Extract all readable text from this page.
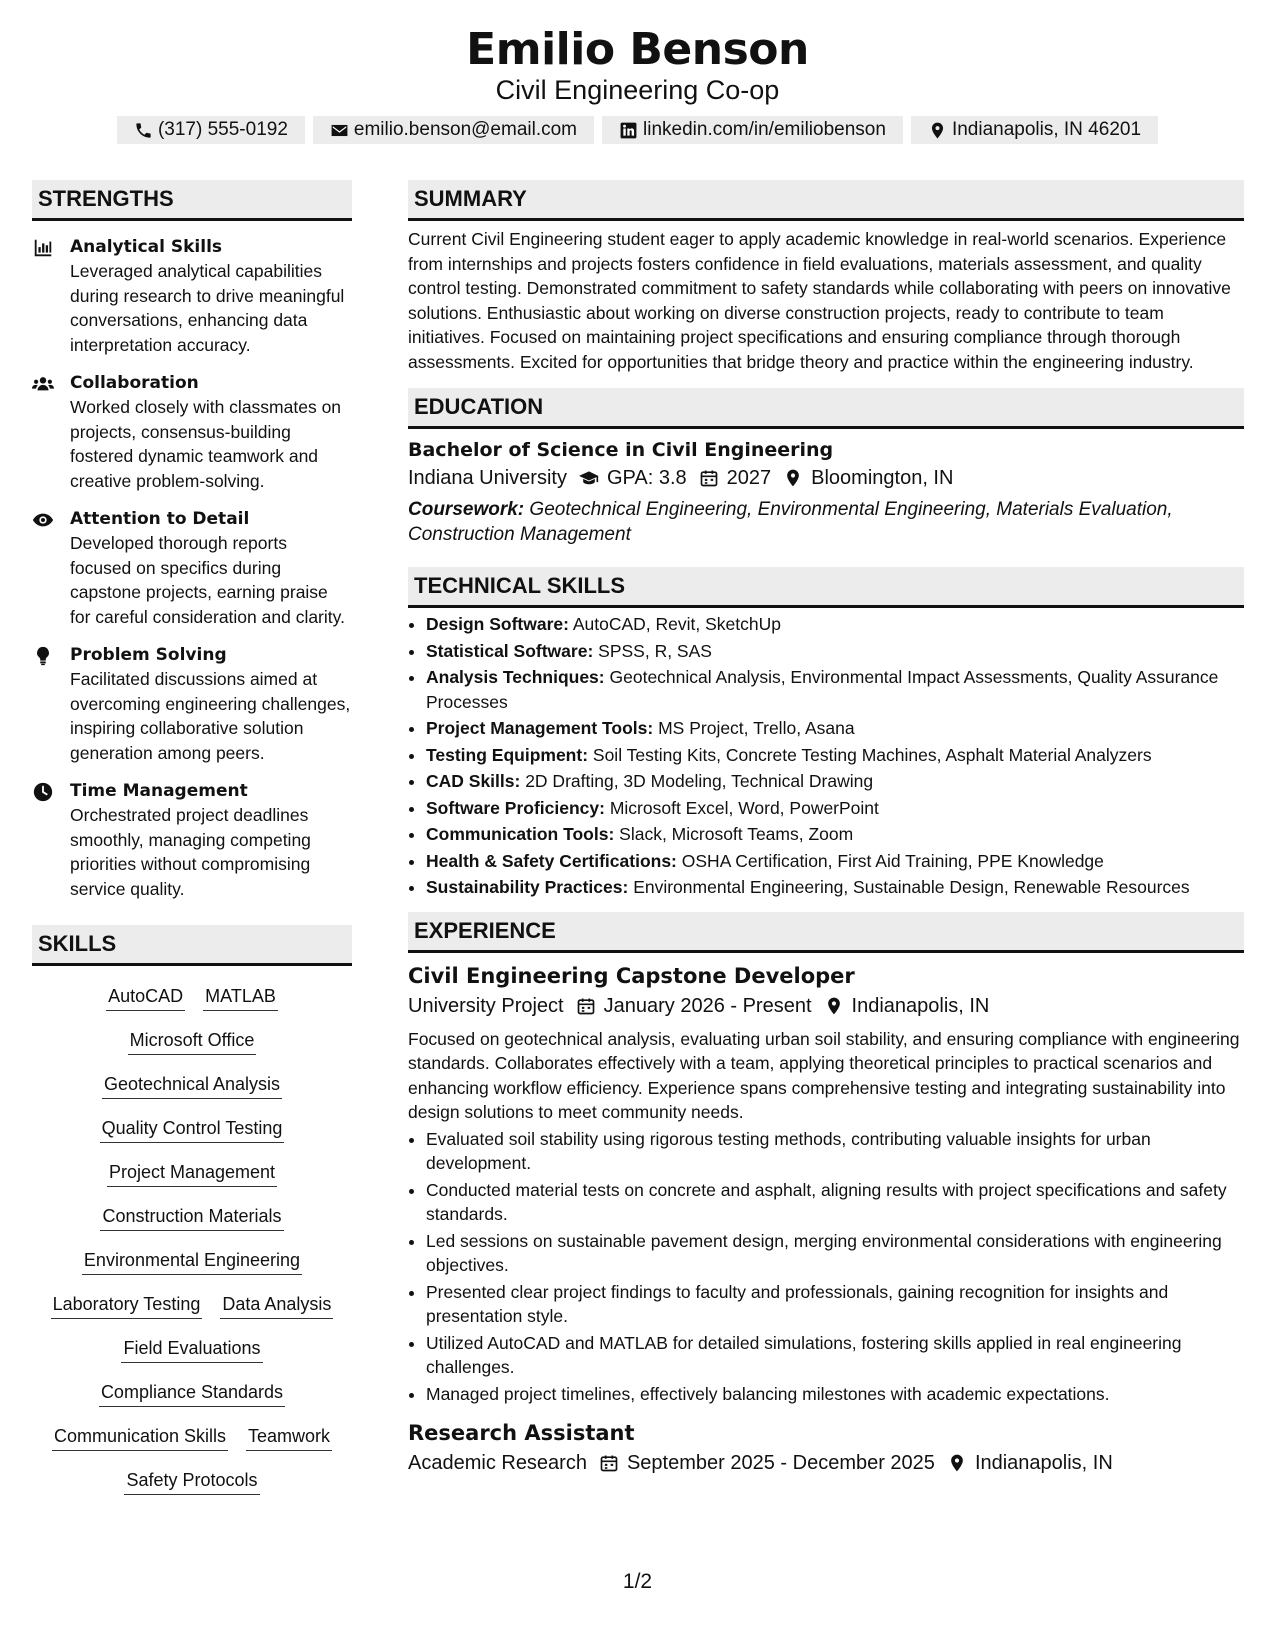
Emilio Benson
Civil Engineering Co-op
(317) 555-0192	emilio.benson@email.com	linkedin.com/in/emiliobenson	Indianapolis, IN 46201
STRENGTHS
Analytical Skills
Leveraged analytical capabilities during research to drive meaningful conversations, enhancing data interpretation accuracy.
Collaboration
Worked closely with classmates on projects, consensus-building fostered dynamic teamwork and creative problem-solving.
Attention to Detail
Developed thorough reports focused on specifics during capstone projects, earning praise for careful consideration and clarity.
Problem Solving
Facilitated discussions aimed at overcoming engineering challenges, inspiring collaborative solution generation among peers.
Time Management
Orchestrated project deadlines smoothly, managing competing priorities without compromising service quality.
SKILLS
AutoCAD MATLAB
Microsoft Office
Geotechnical Analysis
Quality Control Testing
Project Management
Construction Materials
Environmental Engineering
Laboratory Testing Data Analysis
Field Evaluations
Compliance Standards
Communication Skills Teamwork
Safety Protocols
SUMMARY
Current Civil Engineering student eager to apply academic knowledge in real-world scenarios. Experience from internships and projects fosters confidence in field evaluations, materials assessment, and quality control testing. Demonstrated commitment to safety standards while collaborating with peers on innovative solutions. Enthusiastic about working on diverse construction projects, ready to contribute to team initiatives. Focused on maintaining project specifications and ensuring compliance through thorough assessments. Excited for opportunities that bridge theory and practice within the engineering industry.
EDUCATION
Bachelor of Science in Civil Engineering
Indiana University GPA: 3.8 2027 Bloomington, IN
Coursework: Geotechnical Engineering, Environmental Engineering, Materials Evaluation, Construction Management
TECHNICAL SKILLS
• Design Software: AutoCAD, Revit, SketchUp
• Statistical Software: SPSS, R, SAS
• Analysis Techniques: Geotechnical Analysis, Environmental Impact Assessments, Quality Assurance Processes
• Project Management Tools: MS Project, Trello, Asana
• Testing Equipment: Soil Testing Kits, Concrete Testing Machines, Asphalt Material Analyzers
• CAD Skills: 2D Drafting, 3D Modeling, Technical Drawing
• Software Proficiency: Microsoft Excel, Word, PowerPoint
• Communication Tools: Slack, Microsoft Teams, Zoom
• Health & Safety Certifications: OSHA Certification, First Aid Training, PPE Knowledge
• Sustainability Practices: Environmental Engineering, Sustainable Design, Renewable Resources
EXPERIENCE
Civil Engineering Capstone Developer
University Project January 2026 - Present Indianapolis, IN
Focused on geotechnical analysis, evaluating urban soil stability, and ensuring compliance with engineering standards. Collaborates effectively with a team, applying theoretical principles to practical scenarios and enhancing workflow efficiency. Experience spans comprehensive testing and integrating sustainability into design solutions to meet community needs.
• Evaluated soil stability using rigorous testing methods, contributing valuable insights for urban development.
• Conducted material tests on concrete and asphalt, aligning results with project specifications and safety standards.
• Led sessions on sustainable pavement design, merging environmental considerations with engineering objectives.
• Presented clear project findings to faculty and professionals, gaining recognition for insights and presentation style.
• Utilized AutoCAD and MATLAB for detailed simulations, fostering skills applied in real engineering challenges.
• Managed project timelines, effectively balancing milestones with academic expectations.
Research Assistant
Academic Research September 2025 - December 2025 Indianapolis, IN
1/2
